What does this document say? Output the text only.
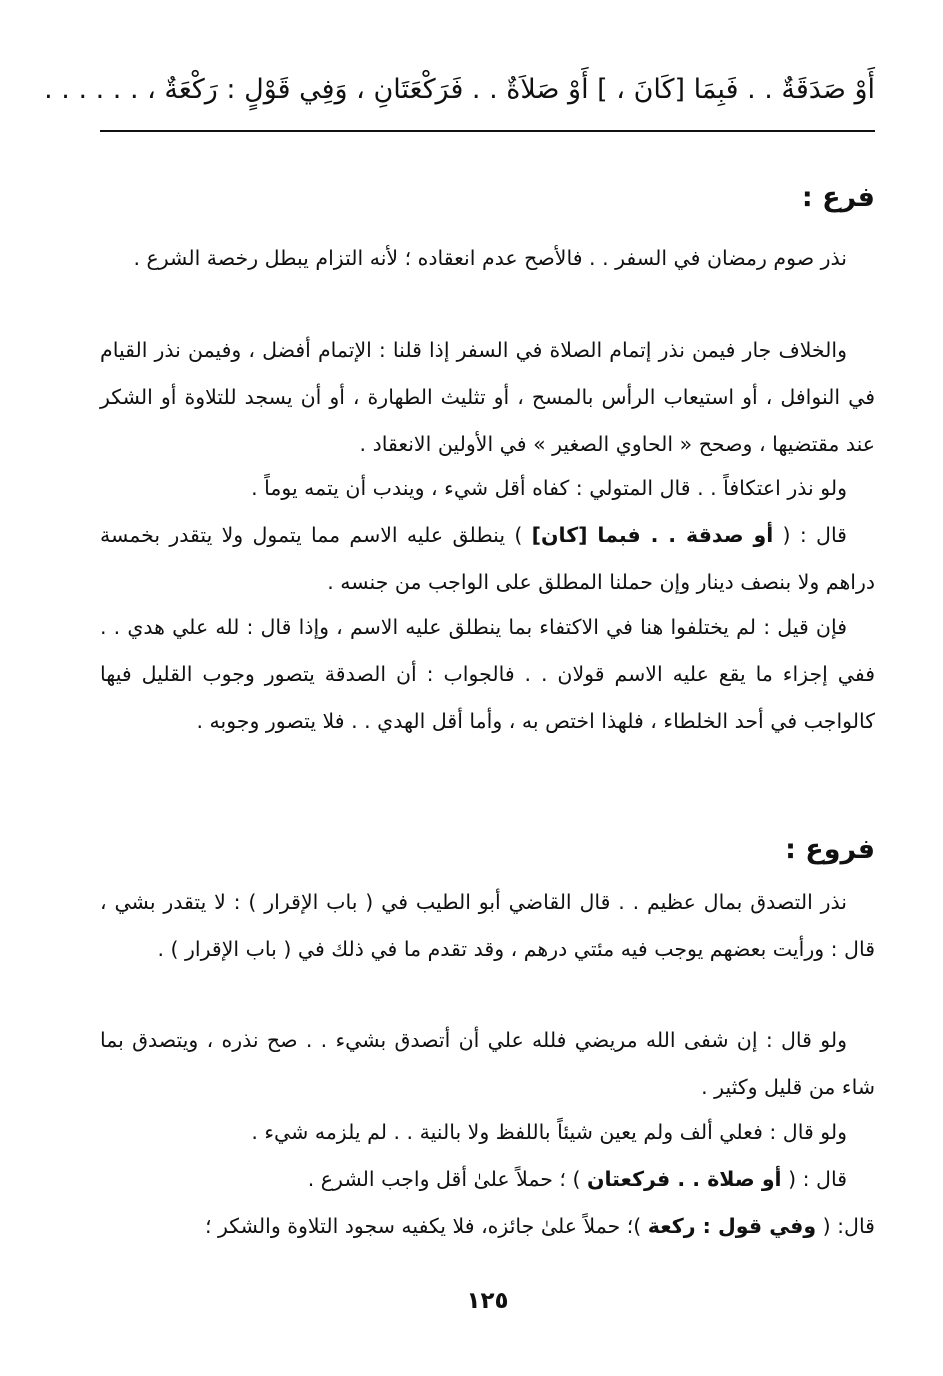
أَوْ صَدَقَةٌ . . فَبِمَا [كَانَ ، ] أَوْ صَلاَةٌ . . فَرَكْعَتَانِ ، وَفِي قَوْلٍ : رَكْعَةٌ ، . . . . . .
فرع :
نذر صوم رمضان في السفر . . فالأصح عدم انعقاده ؛ لأنه التزام يبطل رخصة الشرع .
والخلاف جار فيمن نذر إتمام الصلاة في السفر إذا قلنا : الإتمام أفضل ، وفيمن نذر القيام في النوافل ، أو استيعاب الرأس بالمسح ، أو تثليث الطهارة ، أو أن يسجد للتلاوة أو الشكر عند مقتضيها ، وصحح « الحاوي الصغير » في الأولين الانعقاد .
ولو نذر اعتكافاً . . قال المتولي : كفاه أقل شيء ، ويندب أن يتمه يوماً .
قال : ( أو صدقة . . فبما [كان] ) ينطلق عليه الاسم مما يتمول ولا يتقدر بخمسة دراهم ولا بنصف دينار وإن حملنا المطلق على الواجب من جنسه .
فإن قيل : لم يختلفوا هنا في الاكتفاء بما ينطلق عليه الاسم ، وإذا قال : لله علي هدي . . ففي إجزاء ما يقع عليه الاسم قولان . . فالجواب : أن الصدقة يتصور وجوب القليل فيها كالواجب في أحد الخلطاء ، فلهذا اختص به ، وأما أقل الهدي . . فلا يتصور وجوبه .
فروع :
نذر التصدق بمال عظيم . . قال القاضي أبو الطيب في ( باب الإقرار ) : لا يتقدر بشي ، قال : ورأيت بعضهم يوجب فيه مئتي درهم ، وقد تقدم ما في ذلك في ( باب الإقرار ) .
ولو قال : إن شفى الله مريضي فلله علي أن أتصدق بشيء . . صح نذره ، ويتصدق بما شاء من قليل وكثير .
ولو قال : فعلي ألف ولم يعين شيئاً باللفظ ولا بالنية . . لم يلزمه شيء .
قال : ( أو صلاة . . فركعتان ) ؛ حملاً علىٰ أقل واجب الشرع .
قال: ( وفي قول : ركعة )؛ حملاً علىٰ جائزه، فلا يكفيه سجود التلاوة والشكر ؛
١٢٥
